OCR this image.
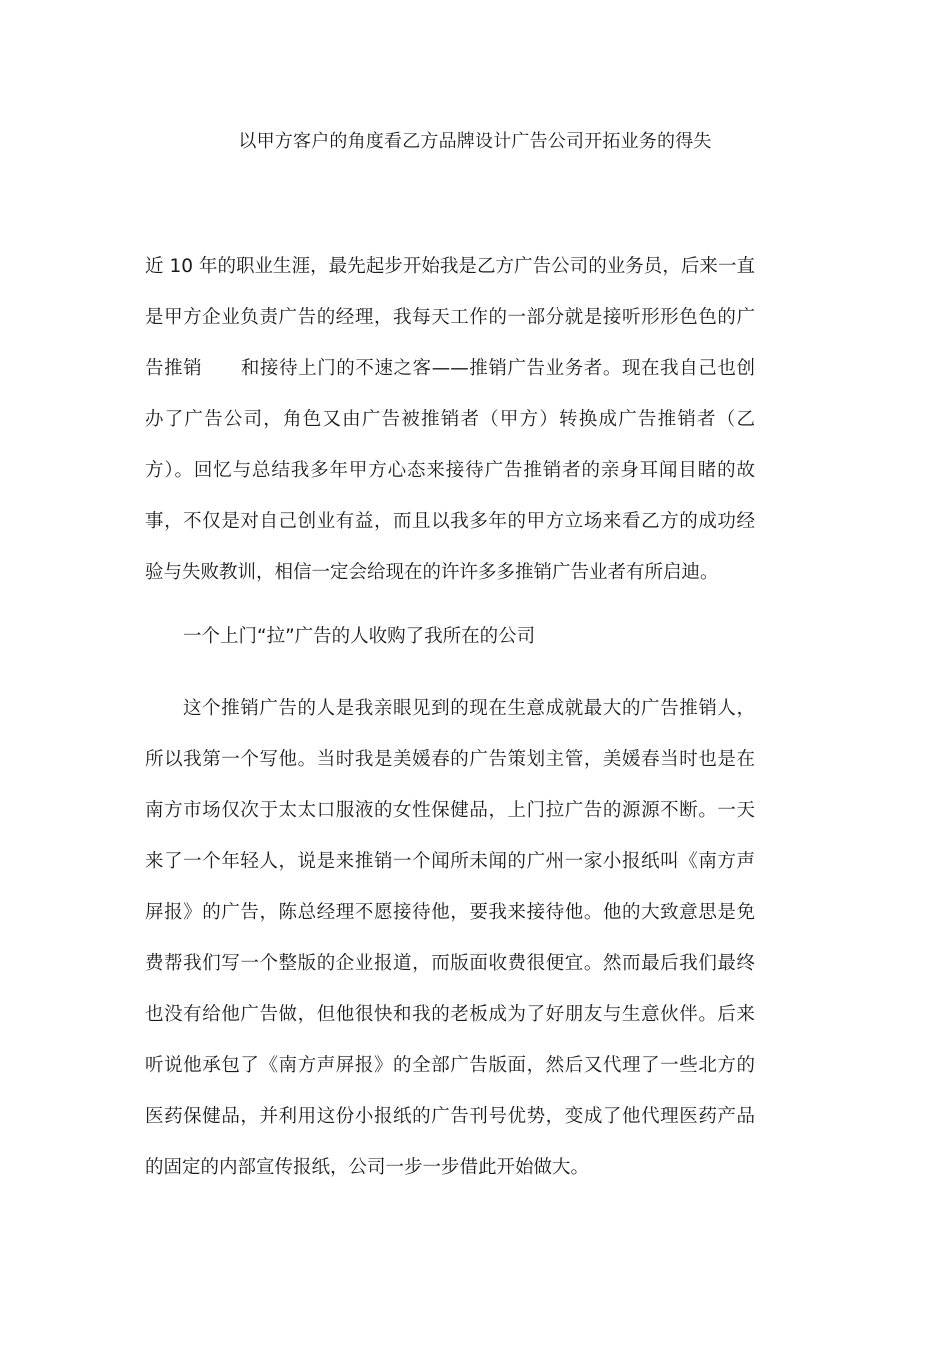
以甲方客户的角度看乙方品牌设计广告公司开拓业务的得失

近 10 年的职业生涯，最先起步开始我是乙方广告公司的业务员，后来一直是甲方企业负责广告的经理，我每天工作的一部分就是接听形形色色的广告推销 和接待上门的不速之客——推销广告业务者。现在我自己也创办了广告公司，角色又由广告被推销者（甲方）转换成广告推销者（乙方）。回忆与总结我多年甲方心态来接待广告推销者的亲身耳闻目睹的故事，不仅是对自己创业有益，而且以我多年的甲方立场来看乙方的成功经验与失败教训，相信一定会给现在的许许多多推销广告业者有所启迪。

一个上门“拉”广告的人收购了我所在的公司

这个推销广告的人是我亲眼见到的现在生意成就最大的广告推销人，所以我第一个写他。当时我是美媛春的广告策划主管，美媛春当时也是在南方市场仅次于太太口服液的女性保健品，上门拉广告的源源不断。一天来了一个年轻人，说是来推销一个闻所未闻的广州一家小报纸叫《南方声屏报》的广告，陈总经理不愿接待他，要我来接待他。他的大致意思是免费帮我们写一个整版的企业报道，而版面收费很便宜。然而最后我们最终也没有给他广告做，但他很快和我的老板成为了好朋友与生意伙伴。后来听说他承包了《南方声屏报》的全部广告版面，然后又代理了一些北方的医药保健品，并利用这份小报纸的广告刊号优势，变成了他代理医药产品的固定的内部宣传报纸，公司一步一步借此开始做大。
